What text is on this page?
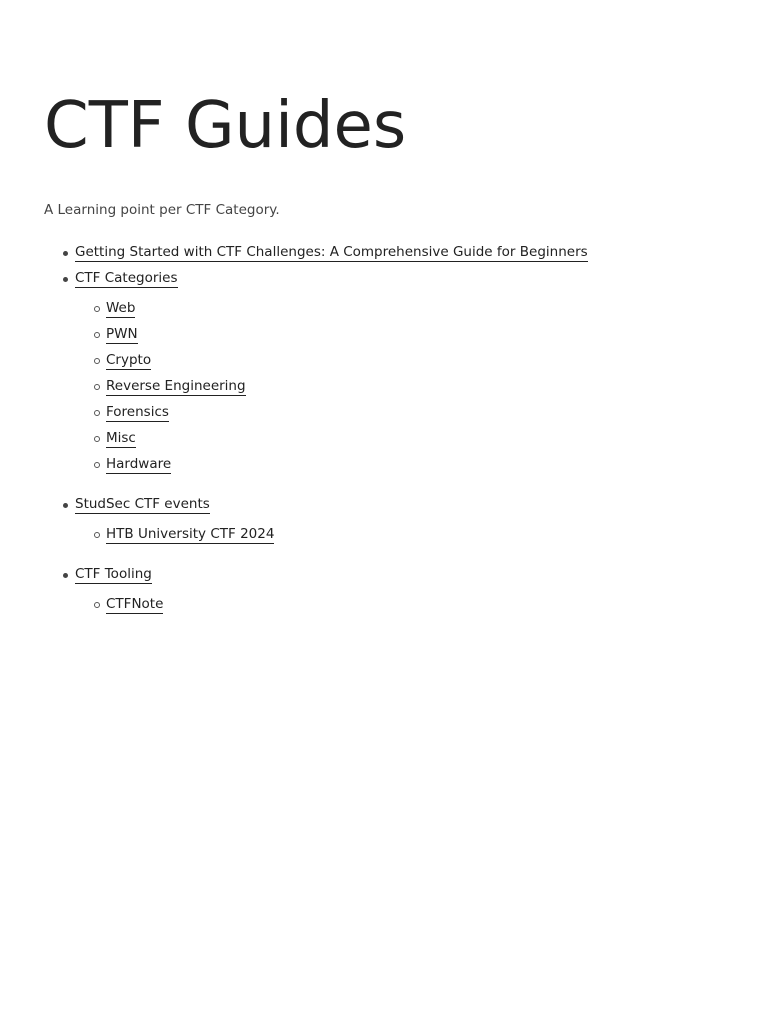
CTF Guides

A Learning point per CTF Category.

Getting Started with CTF Challenges: A Comprehensive Guide for Beginners
CTF Categories
Web
PWN
Crypto
Reverse Engineering
Forensics
Misc
Hardware
StudSec CTF events
HTB University CTF 2024
CTF Tooling
CTFNote
